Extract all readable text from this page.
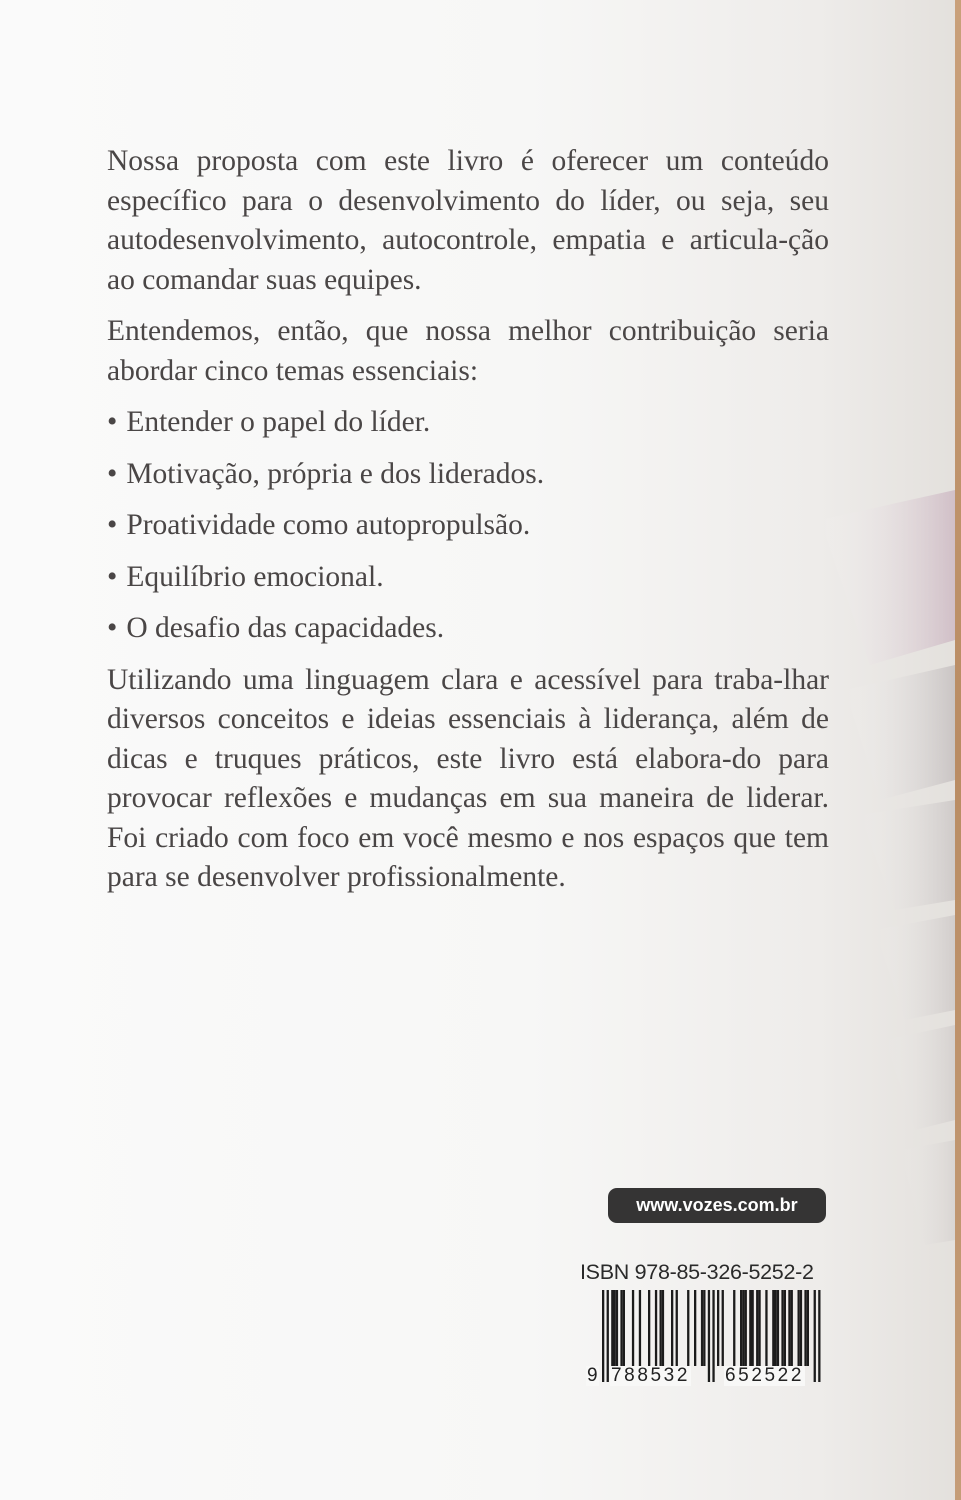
Nossa proposta com este livro é oferecer um conteúdo específico para o desenvolvimento do líder, ou seja, seu autodesenvolvimento, autocontrole, empatia e articula-ção ao comandar suas equipes.

Entendemos, então, que nossa melhor contribuição seria abordar cinco temas essenciais:

• Entender o papel do líder.
• Motivação, própria e dos liderados.
• Proatividade como autopropulsão.
• Equilíbrio emocional.
• O desafio das capacidades.

Utilizando uma linguagem clara e acessível para traba-lhar diversos conceitos e ideias essenciais à liderança, além de dicas e truques práticos, este livro está elabora-do para provocar reflexões e mudanças em sua maneira de liderar. Foi criado com foco em você mesmo e nos espaços que tem para se desenvolver profissionalmente.

www.vozes.com.br
ISBN 978-85-326-5252-2
9 788532 652522
